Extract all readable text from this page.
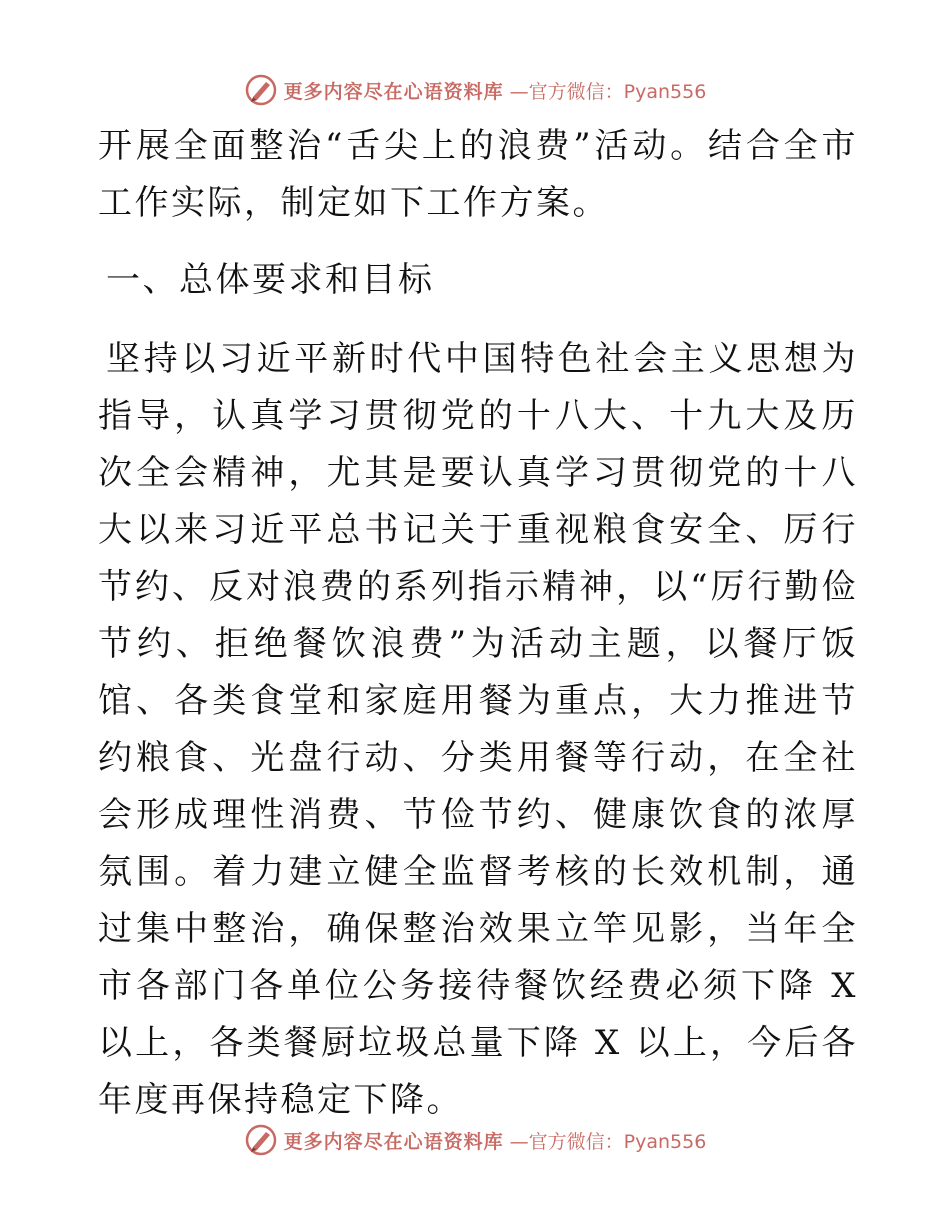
更多内容尽在心语资料库 —官方微信：Pyan556

开展全面整治“舌尖上的浪费”活动。结合全市工作实际，制定如下工作方案。

一、总体要求和目标

坚持以习近平新时代中国特色社会主义思想为指导，认真学习贯彻党的十八大、十九大及历次全会精神，尤其是要认真学习贯彻党的十八大以来习近平总书记关于重视粮食安全、厉行节约、反对浪费的系列指示精神，以“厉行勤俭节约、拒绝餐饮浪费”为活动主题，以餐厅饭馆、各类食堂和家庭用餐为重点，大力推进节约粮食、光盘行动、分类用餐等行动，在全社会形成理性消费、节俭节约、健康饮食的浓厚氛围。着力建立健全监督考核的长效机制，通过集中整治，确保整治效果立竿见影，当年全市各部门各单位公务接待餐饮经费必须下降 X 以上，各类餐厨垃圾总量下降 X 以上，今后各年度再保持稳定下降。

更多内容尽在心语资料库 —官方微信：Pyan556
